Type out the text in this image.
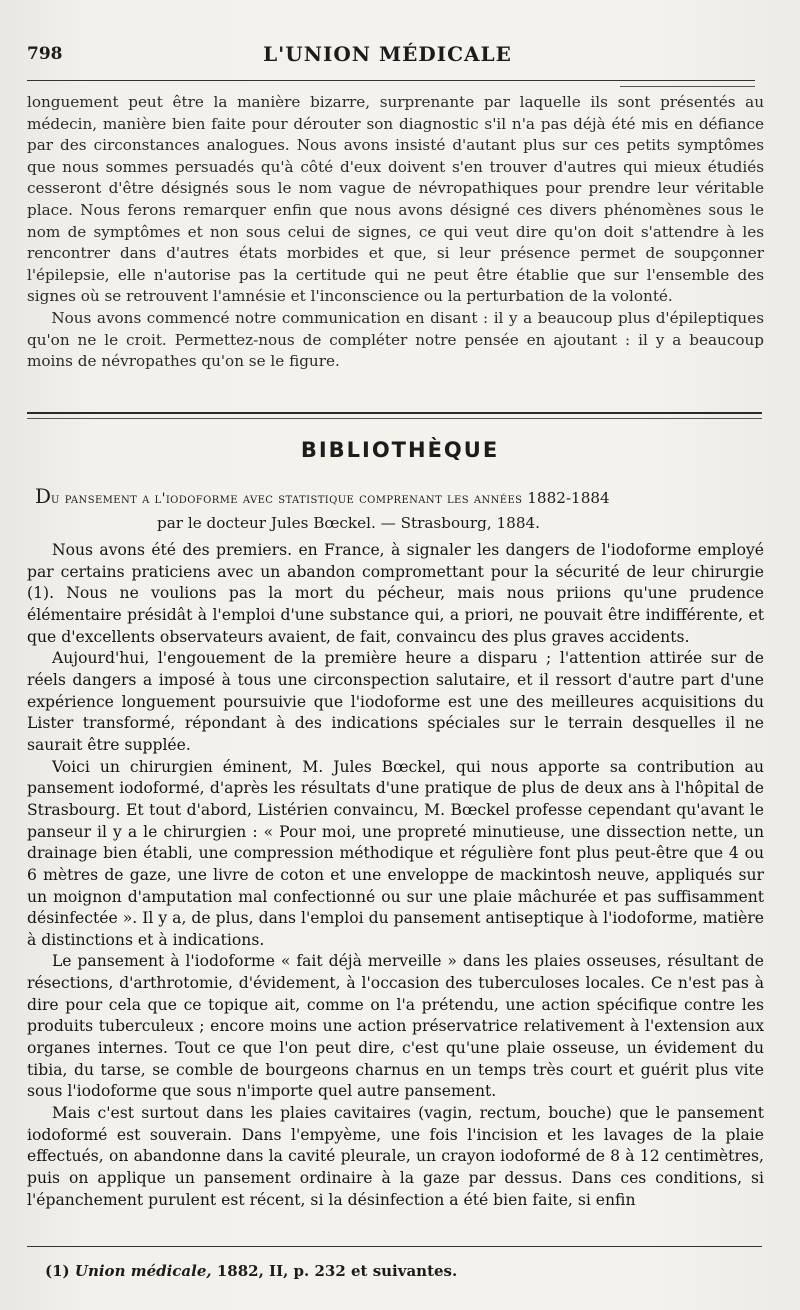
798	L'UNION MÉDICALE

longuement peut être la manière bizarre, surprenante par laquelle ils sont présentés au médecin, manière bien faite pour dérouter son diagnostic s'il n'a pas déjà été mis en défiance par des circonstances analogues. Nous avons insisté d'autant plus sur ces petits symptômes que nous sommes persuadés qu'à côté d'eux doivent s'en trouver d'autres qui mieux étudiés cesseront d'être désignés sous le nom vague de névropathiques pour prendre leur véritable place. Nous ferons remarquer enfin que nous avons désigné ces divers phénomènes sous le nom de symptômes et non sous celui de signes, ce qui veut dire qu'on doit s'attendre à les rencontrer dans d'autres états morbides et que, si leur présence permet de soupçonner l'épilepsie, elle n'autorise pas la certitude qui ne peut être établie que sur l'ensemble des signes où se retrouvent l'amnésie et l'inconscience ou la perturbation de la volonté.

Nous avons commencé notre communication en disant : il y a beaucoup plus d'épileptiques qu'on ne le croit. Permettez-nous de compléter notre pensée en ajoutant : il y a beaucoup moins de névropathes qu'on se le figure.

BIBLIOTHÈQUE
Du pansement a l'iodoforme avec statistique comprenant les années 1882-1884
par le docteur Jules Bœckel. — Strasbourg, 1884.

Nous avons été des premiers. en France, à signaler les dangers de l'iodoforme employé par certains praticiens avec un abandon compromettant pour la sécurité de leur chirurgie (1). Nous ne voulions pas la mort du pécheur, mais nous priions qu'une prudence élémentaire présidât à l'emploi d'une substance qui, a priori, ne pouvait être indifférente, et que d'excellents observateurs avaient, de fait, convaincu des plus graves accidents.

Aujourd'hui, l'engouement de la première heure a disparu ; l'attention attirée sur de réels dangers a imposé à tous une circonspection salutaire, et il ressort d'autre part d'une expérience longuement poursuivie que l'iodoforme est une des meilleures acquisitions du Lister transformé, répondant à des indications spéciales sur le terrain desquelles il ne saurait être supplée.

Voici un chirurgien éminent, M. Jules Bœckel, qui nous apporte sa contribution au pansement iodoformé, d'après les résultats d'une pratique de plus de deux ans à l'hôpital de Strasbourg. Et tout d'abord, Listérien convaincu, M. Bœckel professe cependant qu'avant le panseur il y a le chirurgien : « Pour moi, une propreté minutieuse, une dissection nette, un drainage bien établi, une compression méthodique et régulière font plus peut-être que 4 ou 6 mètres de gaze, une livre de coton et une enveloppe de mackintosh neuve, appliqués sur un moignon d'amputation mal confectionné ou sur une plaie mâchurée et pas suffisamment désinfectée ». Il y a, de plus, dans l'emploi du pansement antiseptique à l'iodoforme, matière à distinctions et à indications.

Le pansement à l'iodoforme « fait déjà merveille » dans les plaies osseuses, résultant de résections, d'arthrotomie, d'évidement, à l'occasion des tuberculoses locales. Ce n'est pas à dire pour cela que ce topique ait, comme on l'a prétendu, une action spécifique contre les produits tuberculeux ; encore moins une action préservatrice relativement à l'extension aux organes internes. Tout ce que l'on peut dire, c'est qu'une plaie osseuse, un évidement du tibia, du tarse, se comble de bourgeons charnus en un temps très court et guérit plus vite sous l'iodoforme que sous n'importe quel autre pansement.

Mais c'est surtout dans les plaies cavitaires (vagin, rectum, bouche) que le pansement iodoformé est souverain. Dans l'empyème, une fois l'incision et les lavages de la plaie effectués, on abandonne dans la cavité pleurale, un crayon iodoformé de 8 à 12 centimètres, puis on applique un pansement ordinaire à la gaze par dessus. Dans ces conditions, si l'épanchement purulent est récent, si la désinfection a été bien faite, si enfin

(1) Union médicale, 1882, II, p. 232 et suivantes.
